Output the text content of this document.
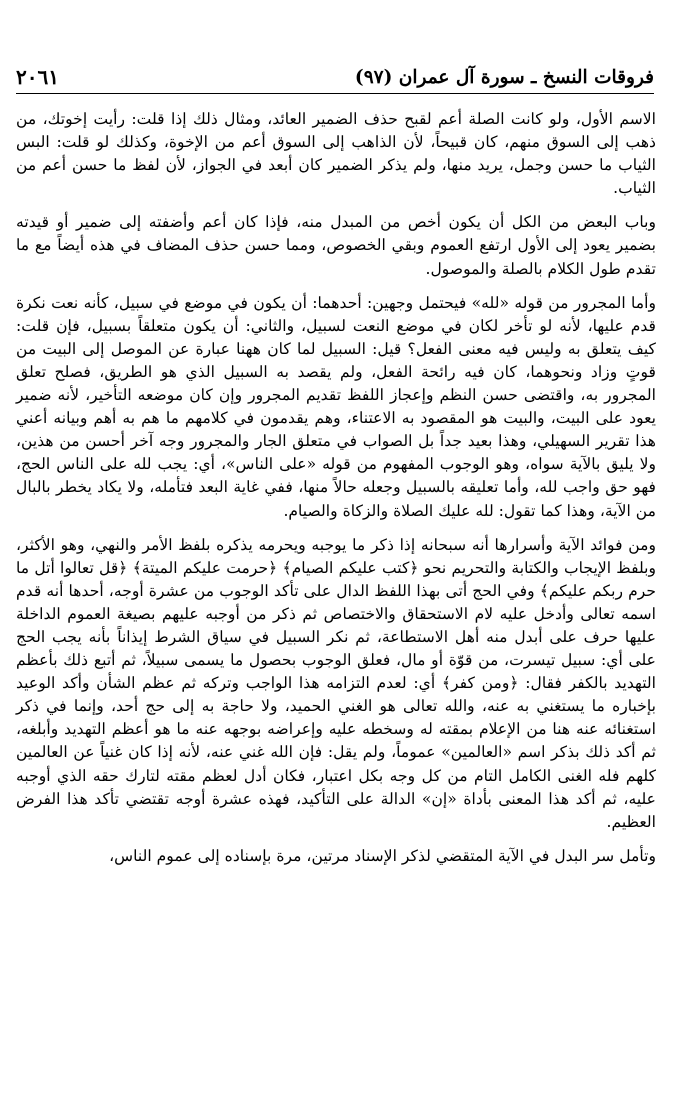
فروقات النسخ ـ سورة آل عمران (٩٧)
٢٠٦١

الاسم الأول، ولو كانت الصلة أعم لقبح حذف الضمير العائد، ومثال ذلك إذا قلت: رأيت إخوتك، من ذهب إلى السوق منهم، كان قبيحاً، لأن الذاهب إلى السوق أعم من الإخوة، وكذلك لو قلت: البس الثياب ما حسن وجمل، يريد منها، ولم يذكر الضمير كان أبعد في الجواز، لأن لفظ ما حسن أعم من الثياب.

وباب البعض من الكل أن يكون أخص من المبدل منه، فإذا كان أعم وأضفته إلى ضمير أو قيدته بضمير يعود إلى الأول ارتفع العموم وبقي الخصوص، ومما حسن حذف المضاف في هذه أيضاً مع ما تقدم طول الكلام بالصلة والموصول.

وأما المجرور من قوله «لله» فيحتمل وجهين: أحدهما: أن يكون في موضع في سبيل، كأنه نعت نكرة قدم عليها، لأنه لو تأخر لكان في موضع النعت لسبيل، والثاني: أن يكون متعلقاً بسبيل، فإن قلت: كيف يتعلق به وليس فيه معنى الفعل؟ قيل: السبيل لما كان ههنا عبارة عن الموصل إلى البيت من قوتٍ وزاد ونحوهما، كان فيه رائحة الفعل، ولم يقصد به السبيل الذي هو الطريق، فصلح تعلق المجرور به، واقتضى حسن النظم وإعجاز اللفظ تقديم المجرور وإن كان موضعه التأخير، لأنه ضمير يعود على البيت، والبيت هو المقصود به الاعتناء، وهم يقدمون في كلامهم ما هم به أهم وبيانه أعني هذا تقرير السهيلي، وهذا بعيد جداً بل الصواب في متعلق الجار والمجرور وجه آخر أحسن من هذين، ولا يليق بالآية سواه، وهو الوجوب المفهوم من قوله «على الناس»، أي: يجب لله على الناس الحج، فهو حق واجب لله، وأما تعليقه بالسبيل وجعله حالاً منها، ففي غاية البعد فتأمله، ولا يكاد يخطر بالبال من الآية، وهذا كما تقول: لله عليك الصلاة والزكاة والصيام.

ومن فوائد الآية وأسرارها أنه سبحانه إذا ذكر ما يوجبه ويحرمه يذكره بلفظ الأمر والنهي، وهو الأكثر، وبلفظ الإيجاب والكتابة والتحريم نحو ﴿كتب عليكم الصيام﴾ ﴿حرمت عليكم الميتة﴾ ﴿قل تعالوا أتل ما حرم ربكم عليكم﴾ وفي الحج أتى بهذا اللفظ الدال على تأكد الوجوب من عشرة أوجه، أحدها أنه قدم اسمه تعالى وأدخل عليه لام الاستحقاق والاختصاص ثم ذكر من أوجبه عليهم بصيغة العموم الداخلة عليها حرف على أبدل منه أهل الاستطاعة، ثم نكر السبيل في سياق الشرط إيذاناً بأنه يجب الحج على أي: سبيل تيسرت، من قوّة أو مال، فعلق الوجوب بحصول ما يسمى سبيلاً، ثم أتبع ذلك بأعظم التهديد بالكفر فقال: ﴿ومن كفر﴾ أي: لعدم التزامه هذا الواجب وتركه ثم عظم الشأن وأكد الوعيد بإخباره ما يستغني به عنه، والله تعالى هو الغني الحميد، ولا حاجة به إلى حج أحد، وإنما في ذكر استغنائه عنه هنا من الإعلام بمقته له وسخطه عليه وإعراضه بوجهه عنه ما هو أعظم التهديد وأبلغه، ثم أكد ذلك بذكر اسم «العالمين» عموماً، ولم يقل: فإن الله غني عنه، لأنه إذا كان غنياً عن العالمين كلهم فله الغنى الكامل التام من كل وجه بكل اعتبار، فكان أدل لعظم مقته لتارك حقه الذي أوجبه عليه، ثم أكد هذا المعنى بأداة «إن» الدالة على التأكيد، فهذه عشرة أوجه تقتضي تأكد هذا الفرض العظيم.

وتأمل سر البدل في الآية المتقضي لذكر الإسناد مرتين، مرة بإسناده إلى عموم الناس،
